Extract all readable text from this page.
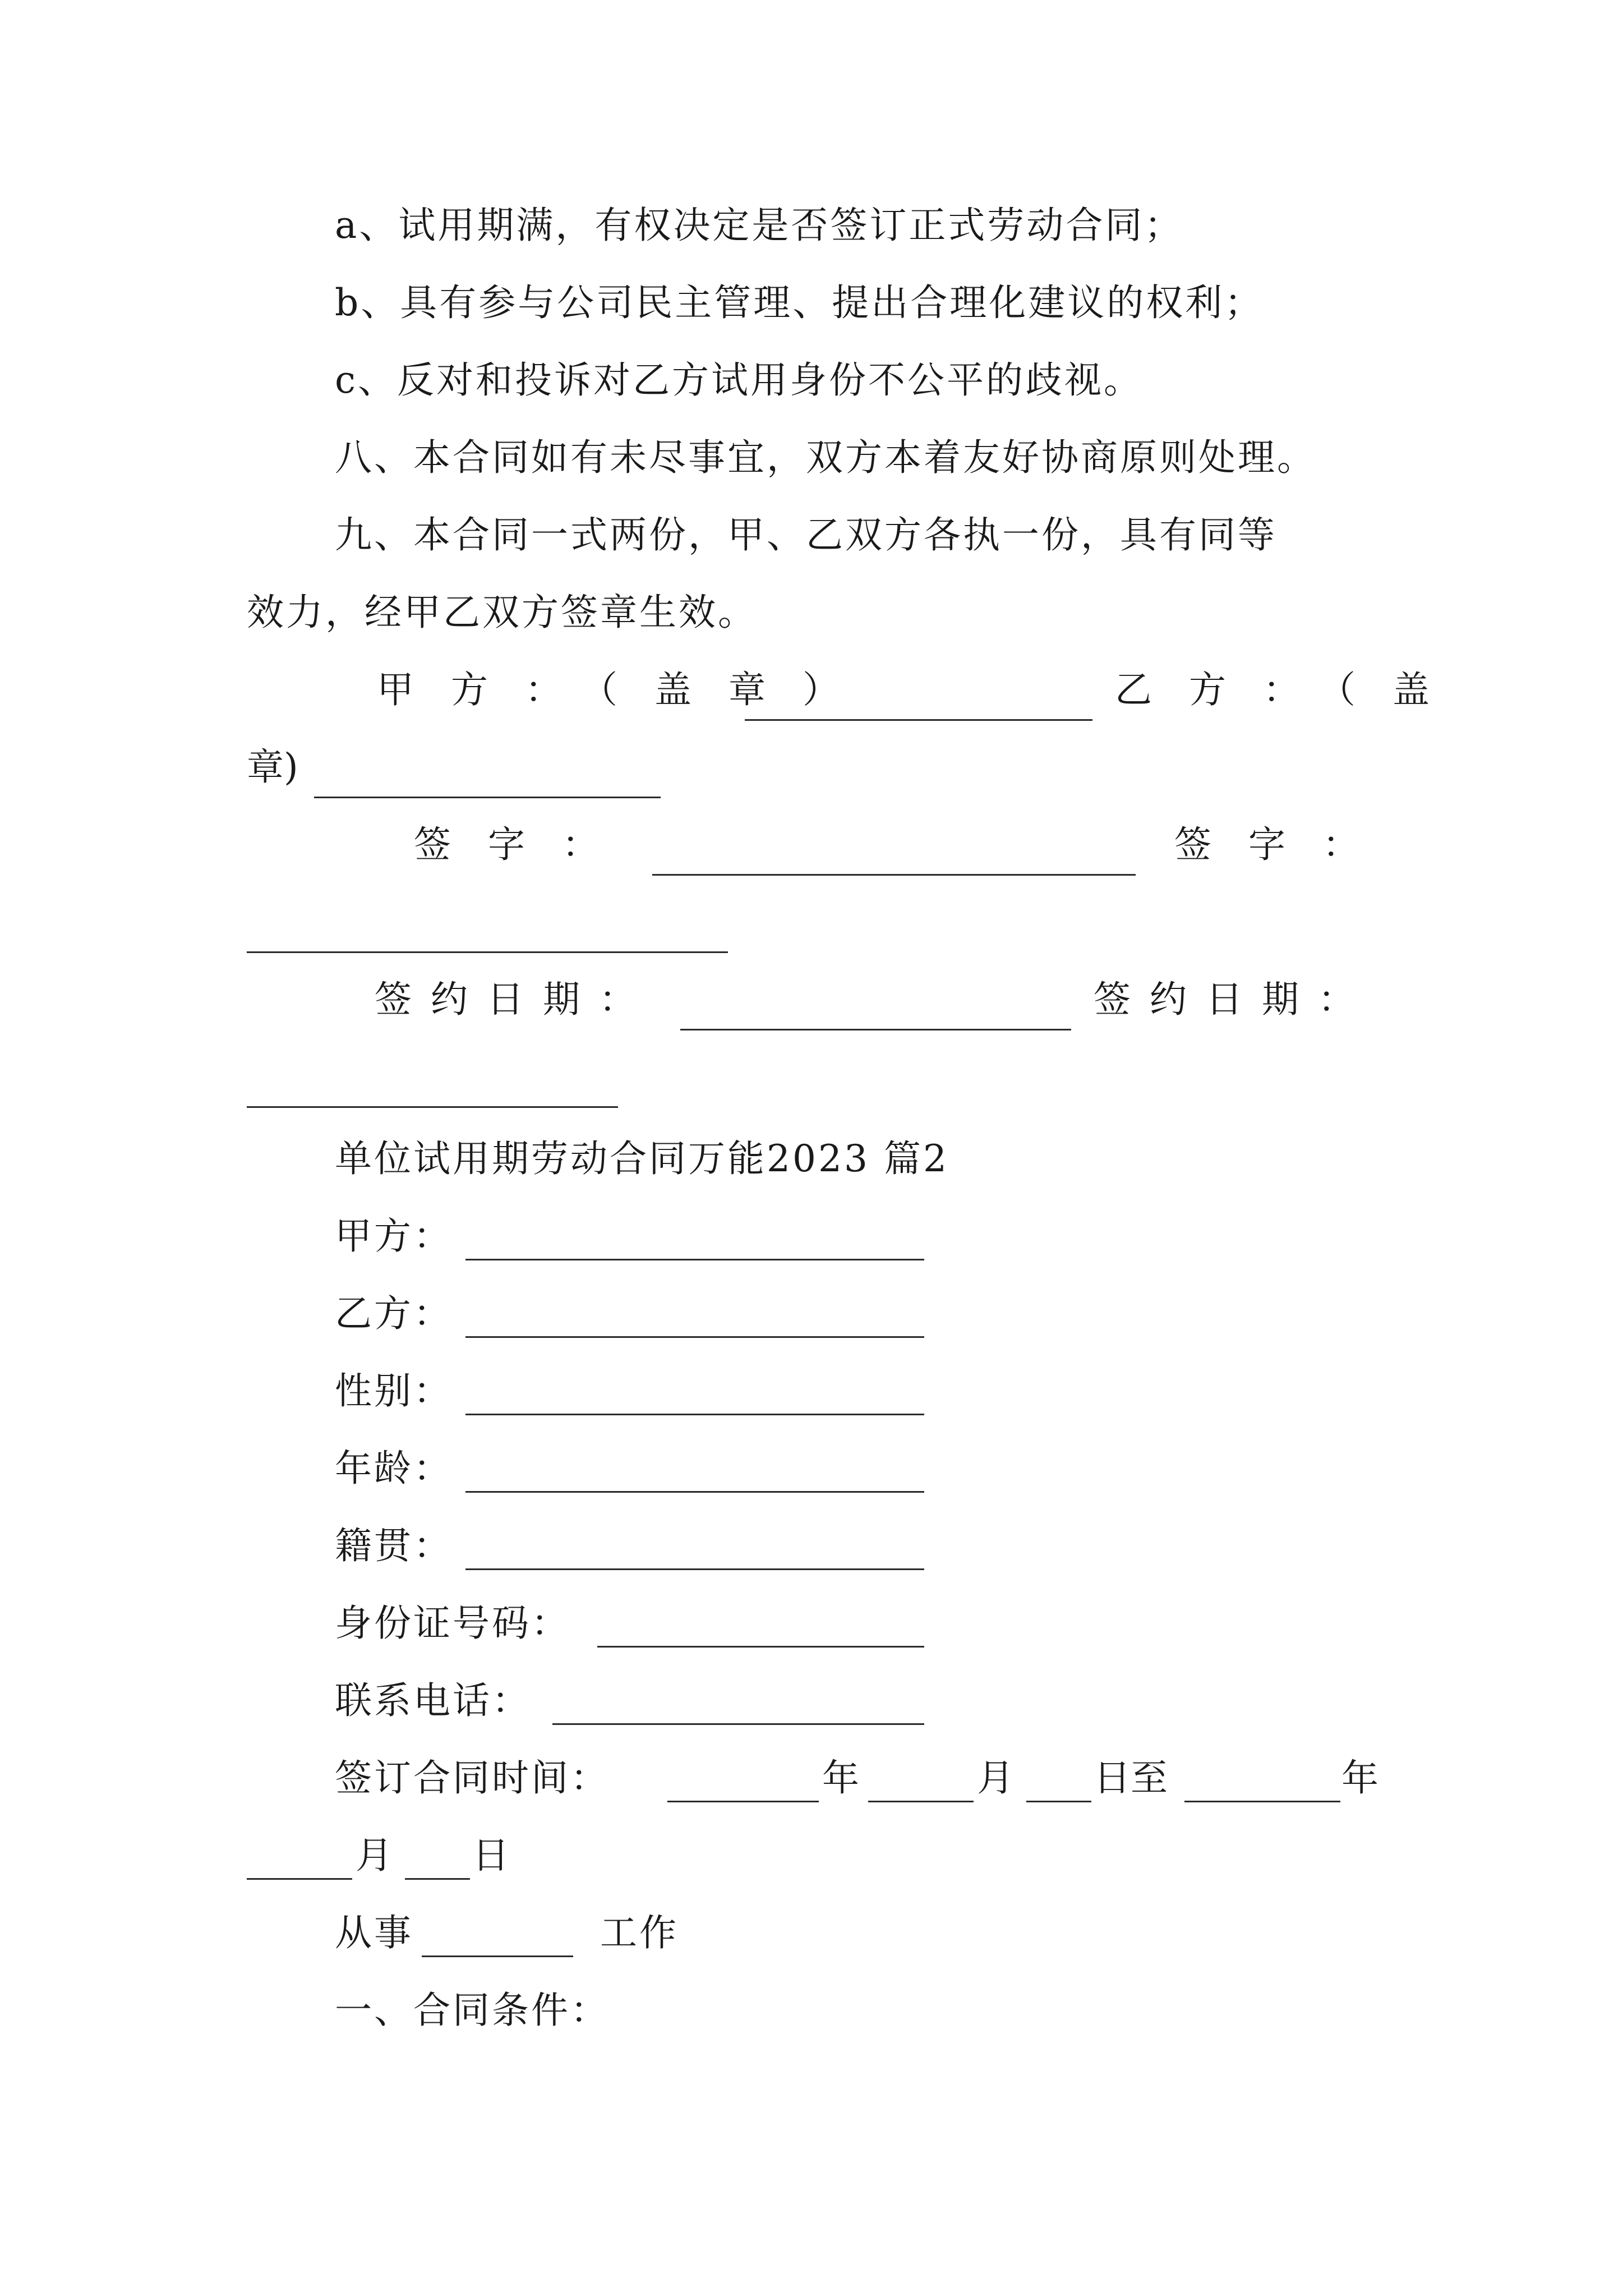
a、试用期满，有权决定是否签订正式劳动合同；

b、具有参与公司民主管理、提出合理化建议的权利；

c、反对和投诉对乙方试用身份不公平的歧视。

八、本合同如有未尽事宜，双方本着友好协商原则处理。

九、本合同一式两份，甲、乙双方各执一份，具有同等

效力，经甲乙双方签章生效。

甲方：（盖章）	乙方：（盖

章)

签字：	签字：

签约日期：	签约日期：

单位试用期劳动合同万能2023 篇2

甲方：

乙方：

性别：

年龄：

籍贯：

身份证号码：

联系电话：

签订合同时间：	年	月 日至	年

月 日

从事	工作

一、合同条件：
